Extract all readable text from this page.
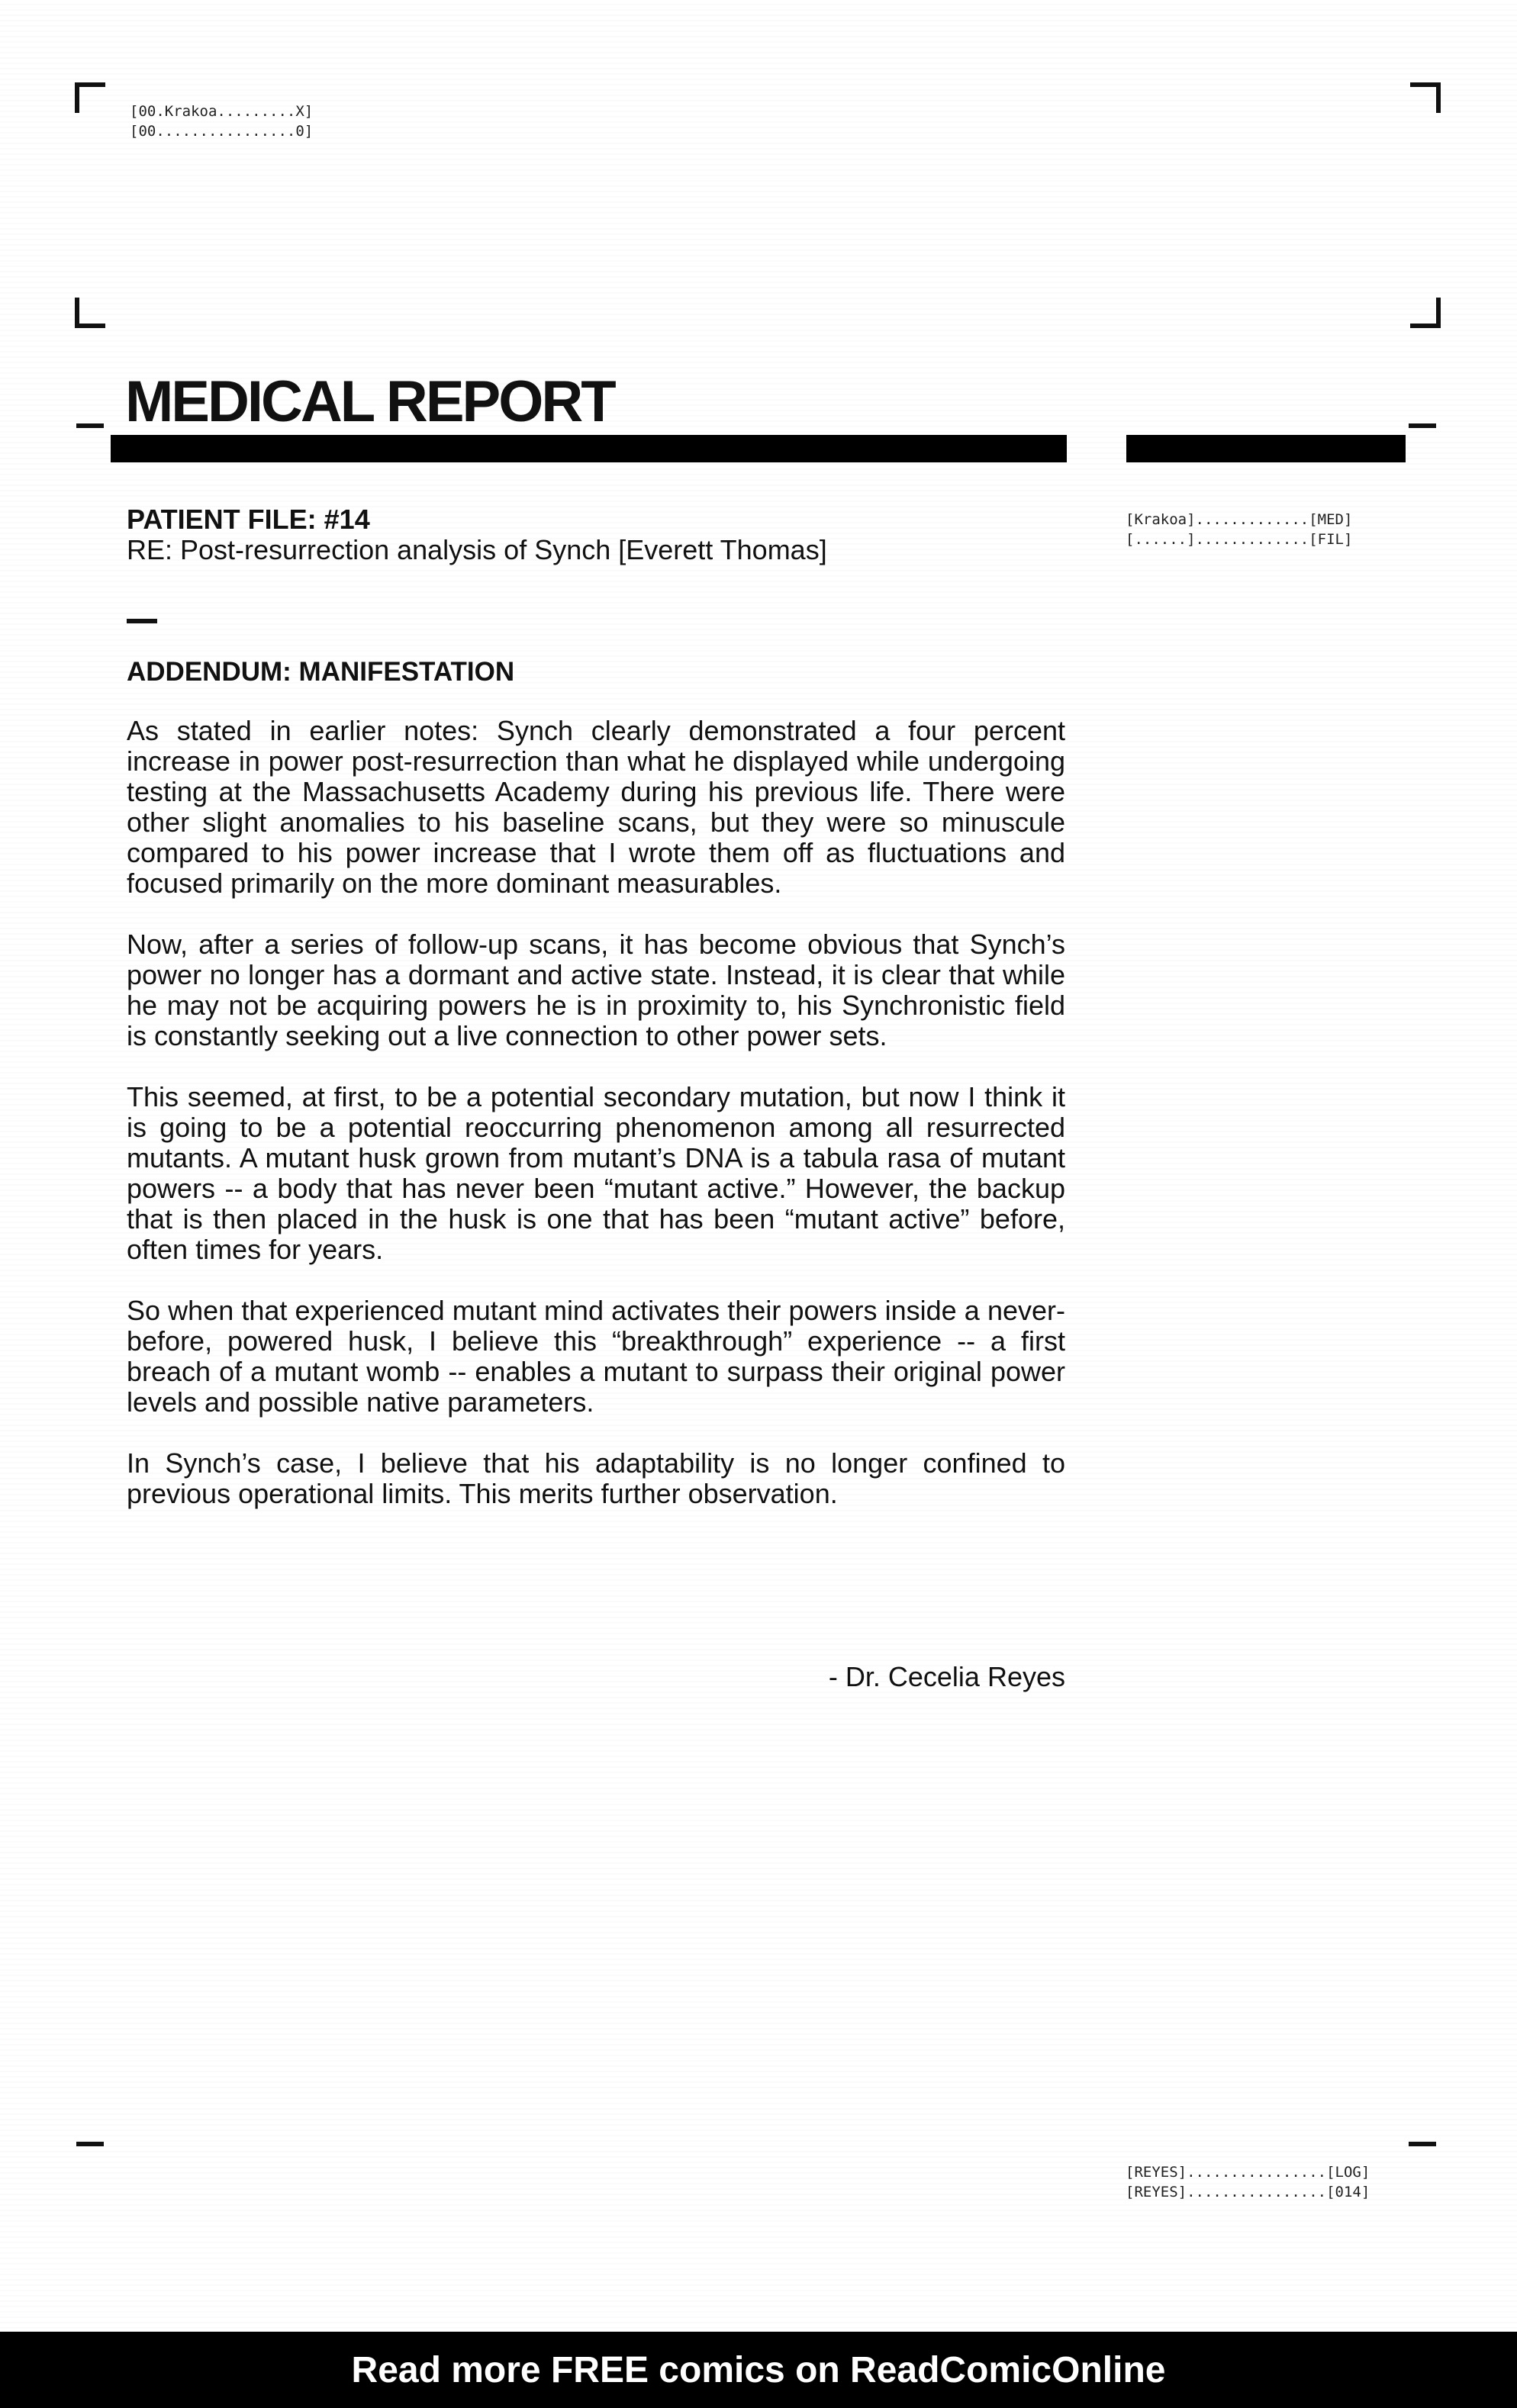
[00.Krakoa.........X]
[00................0]
MEDICAL REPORT
PATIENT FILE: #14
RE: Post-resurrection analysis of Synch [Everett Thomas]
[Krakoa].............[MED]
[......].............[FIL]
ADDENDUM: MANIFESTATION

As stated in earlier notes: Synch clearly demonstrated a four percent increase in power post-resurrection than what he displayed while undergoing testing at the Massachusetts Academy during his previous life. There were other slight anomalies to his baseline scans, but they were so minuscule compared to his power increase that I wrote them off as fluctuations and focused primarily on the more dominant measurables.

Now, after a series of follow-up scans, it has become obvious that Synch’s power no longer has a dormant and active state. Instead, it is clear that while he may not be acquiring powers he is in proximity to, his Synchronistic field is constantly seeking out a live connection to other power sets.

This seemed, at first, to be a potential secondary mutation, but now I think it is going to be a potential reoccurring phenomenon among all resurrected mutants. A mutant husk grown from mutant’s DNA is a tabula rasa of mutant powers -- a body that has never been “mutant active.” However, the backup that is then placed in the husk is one that has been “mutant active” before, often times for years.

So when that experienced mutant mind activates their powers inside a never-before, powered husk, I believe this “breakthrough” experience -- a first breach of a mutant womb -- enables a mutant to surpass their original power levels and possible native parameters.

In Synch’s case, I believe that his adaptability is no longer confined to previous operational limits. This merits further observation.

- Dr. Cecelia Reyes
[REYES]................[LOG]
[REYES]................[014]
Read more FREE comics on ReadComicOnline
